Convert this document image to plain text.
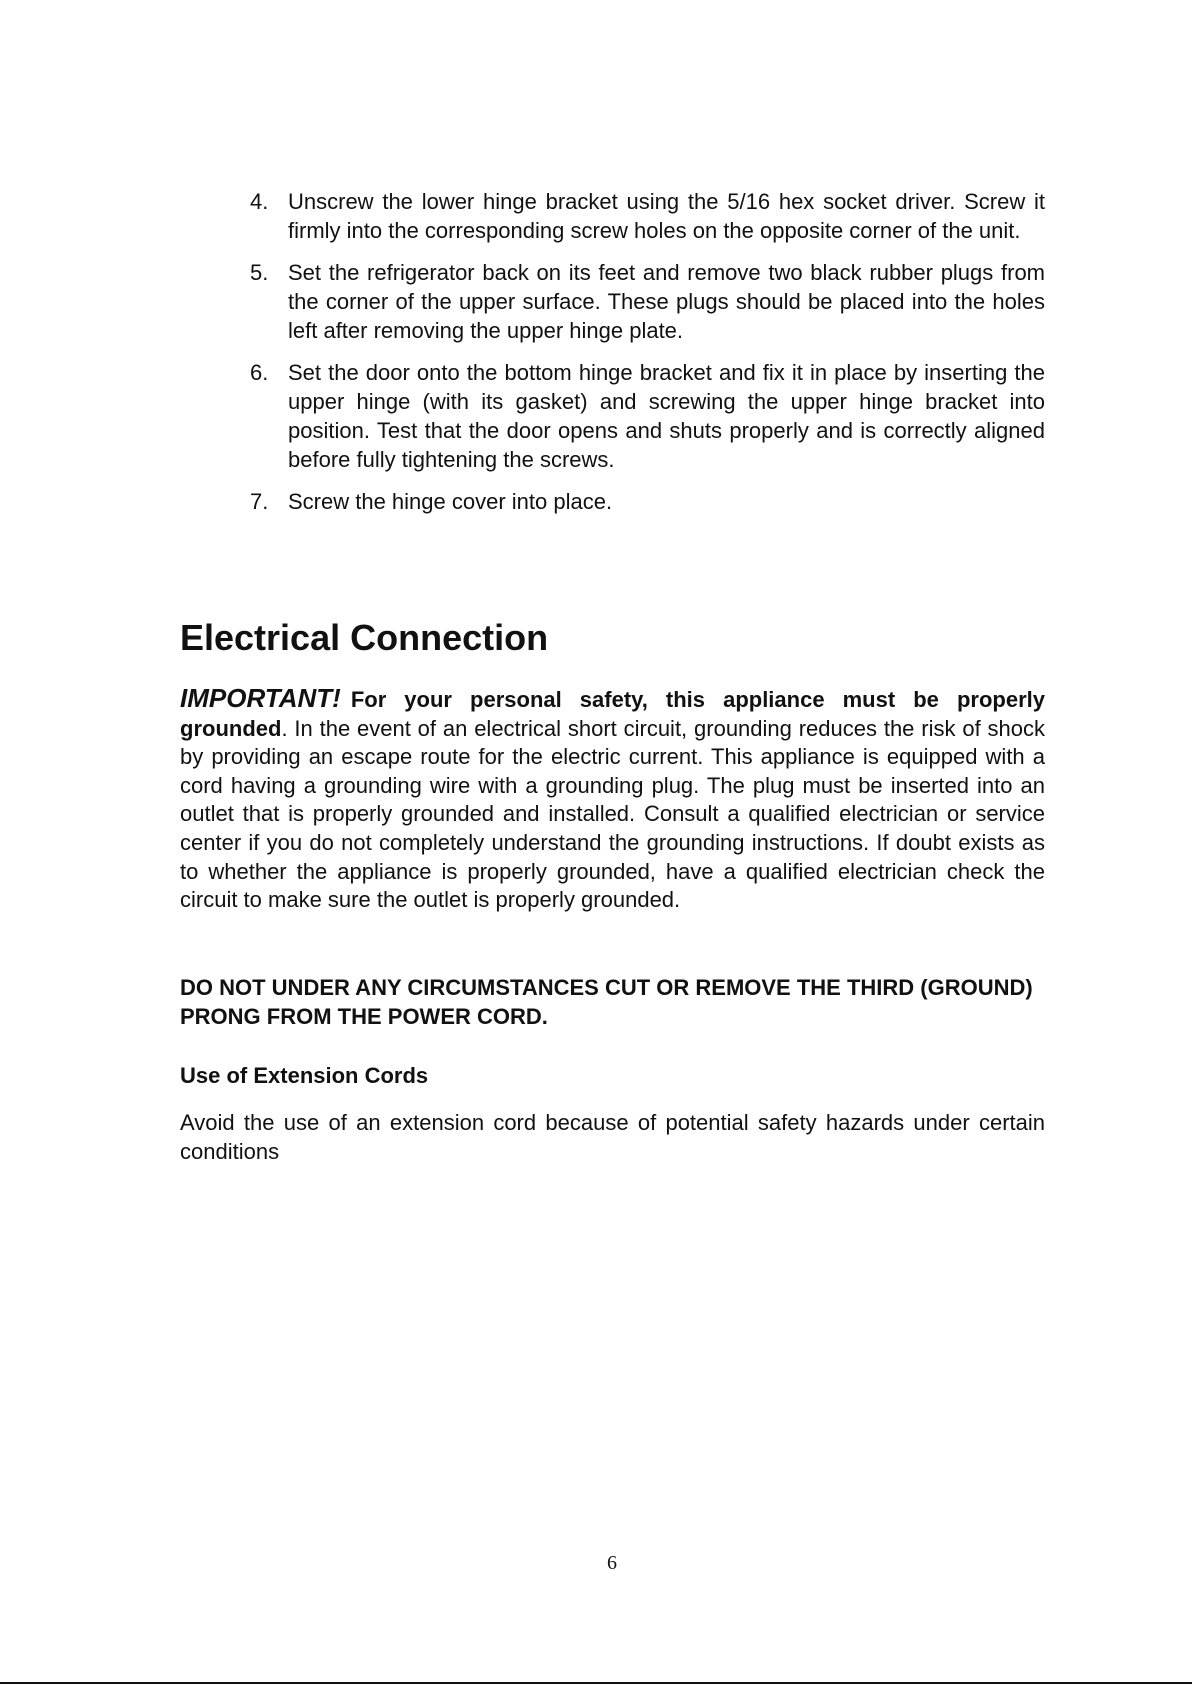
4. Unscrew the lower hinge bracket using the 5/16 hex socket driver. Screw it firmly into the corresponding screw holes on the opposite corner of the unit.
5. Set the refrigerator back on its feet and remove two black rubber plugs from the corner of the upper surface. These plugs should be placed into the holes left after removing the upper hinge plate.
6. Set the door onto the bottom hinge bracket and fix it in place by inserting the upper hinge (with its gasket) and screwing the upper hinge bracket into position. Test that the door opens and shuts properly and is correctly aligned before fully tightening the screws.
7. Screw the hinge cover into place.
Electrical Connection

IMPORTANT! For your personal safety, this appliance must be properly grounded. In the event of an electrical short circuit, grounding reduces the risk of shock by providing an escape route for the electric current. This appliance is equipped with a cord having a grounding wire with a grounding plug. The plug must be inserted into an outlet that is properly grounded and installed. Consult a qualified electrician or service center if you do not completely understand the grounding instructions. If doubt exists as to whether the appliance is properly grounded, have a qualified electrician check the circuit to make sure the outlet is properly grounded.

DO NOT UNDER ANY CIRCUMSTANCES CUT OR REMOVE THE THIRD (GROUND) PRONG FROM THE POWER CORD.

Use of Extension Cords

Avoid the use of an extension cord because of potential safety hazards under certain conditions

6
